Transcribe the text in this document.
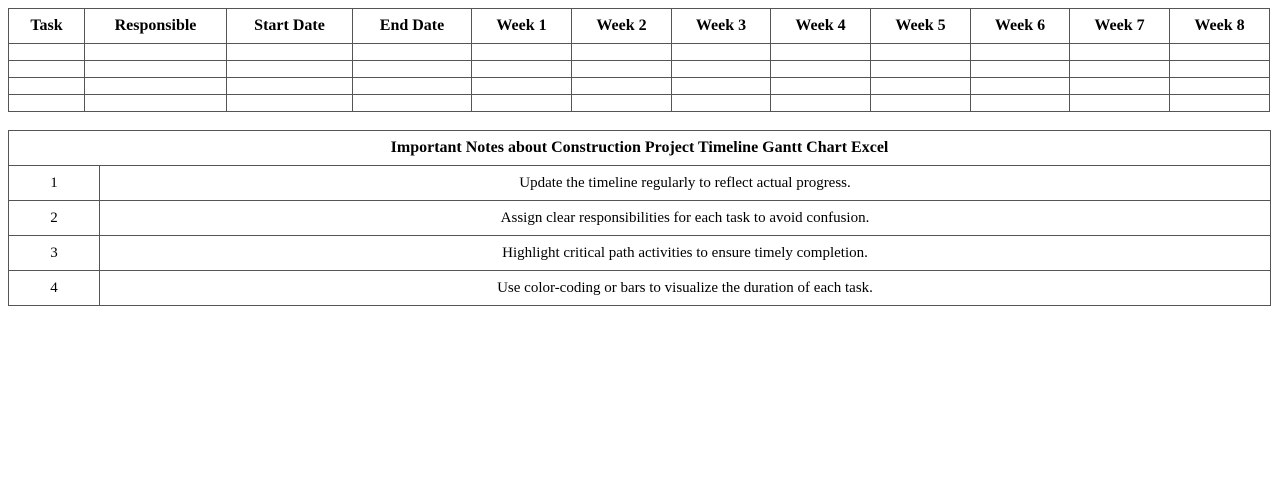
Task	Responsible	Start Date	End Date	Week 1	Week 2	Week 3	Week 4	Week 5	Week 6	Week 7	Week 8

Important Notes about Construction Project Timeline Gantt Chart Excel	
1	Update the timeline regularly to reflect actual progress.
2	Assign clear responsibilities for each task to avoid confusion.
3	Highlight critical path activities to ensure timely completion.
4	Use color-coding or bars to visualize the duration of each task.
